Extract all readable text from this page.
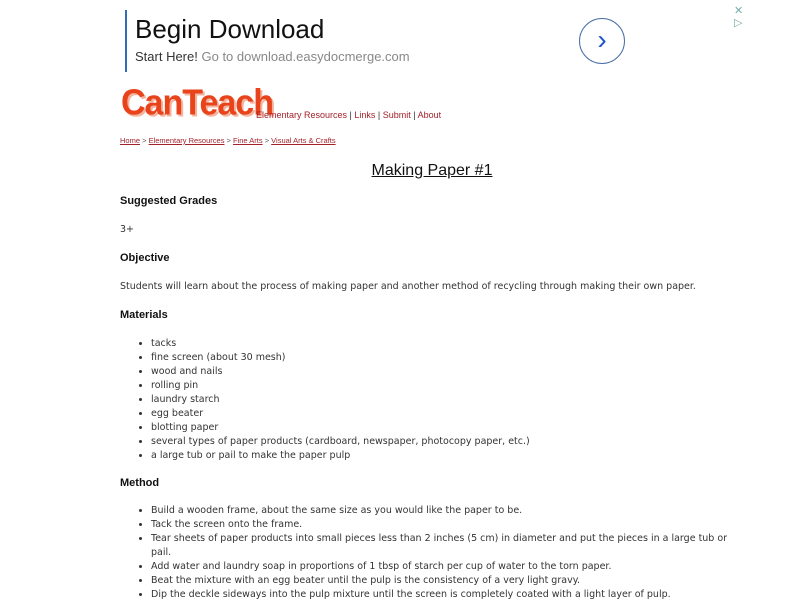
Begin Download
Start Here! Go to download.easydocmerge.com
›
✕
▷
CanTeach
Elementary Resources | Links | Submit | About
Home > Elementary Resources > Fine Arts > Visual Arts & Crafts
Making Paper #1
Suggested Grades
3+
Objective
Students will learn about the process of making paper and another method of recycling through making their own paper.
Materials
• tacks
• fine screen (about 30 mesh)
• wood and nails
• rolling pin
• laundry starch
• egg beater
• blotting paper
• several types of paper products (cardboard, newspaper, photocopy paper, etc.)
• a large tub or pail to make the paper pulp
Method
• Build a wooden frame, about the same size as you would like the paper to be.
• Tack the screen onto the frame.
• Tear sheets of paper products into small pieces less than 2 inches (5 cm) in diameter and put the pieces in a large tub or pail.
• Add water and laundry soap in proportions of 1 tbsp of starch per cup of water to the torn paper.
• Beat the mixture with an egg beater until the pulp is the consistency of a very light gravy.
• Dip the deckle sideways into the pulp mixture until the screen is completely coated with a light layer of pulp.
